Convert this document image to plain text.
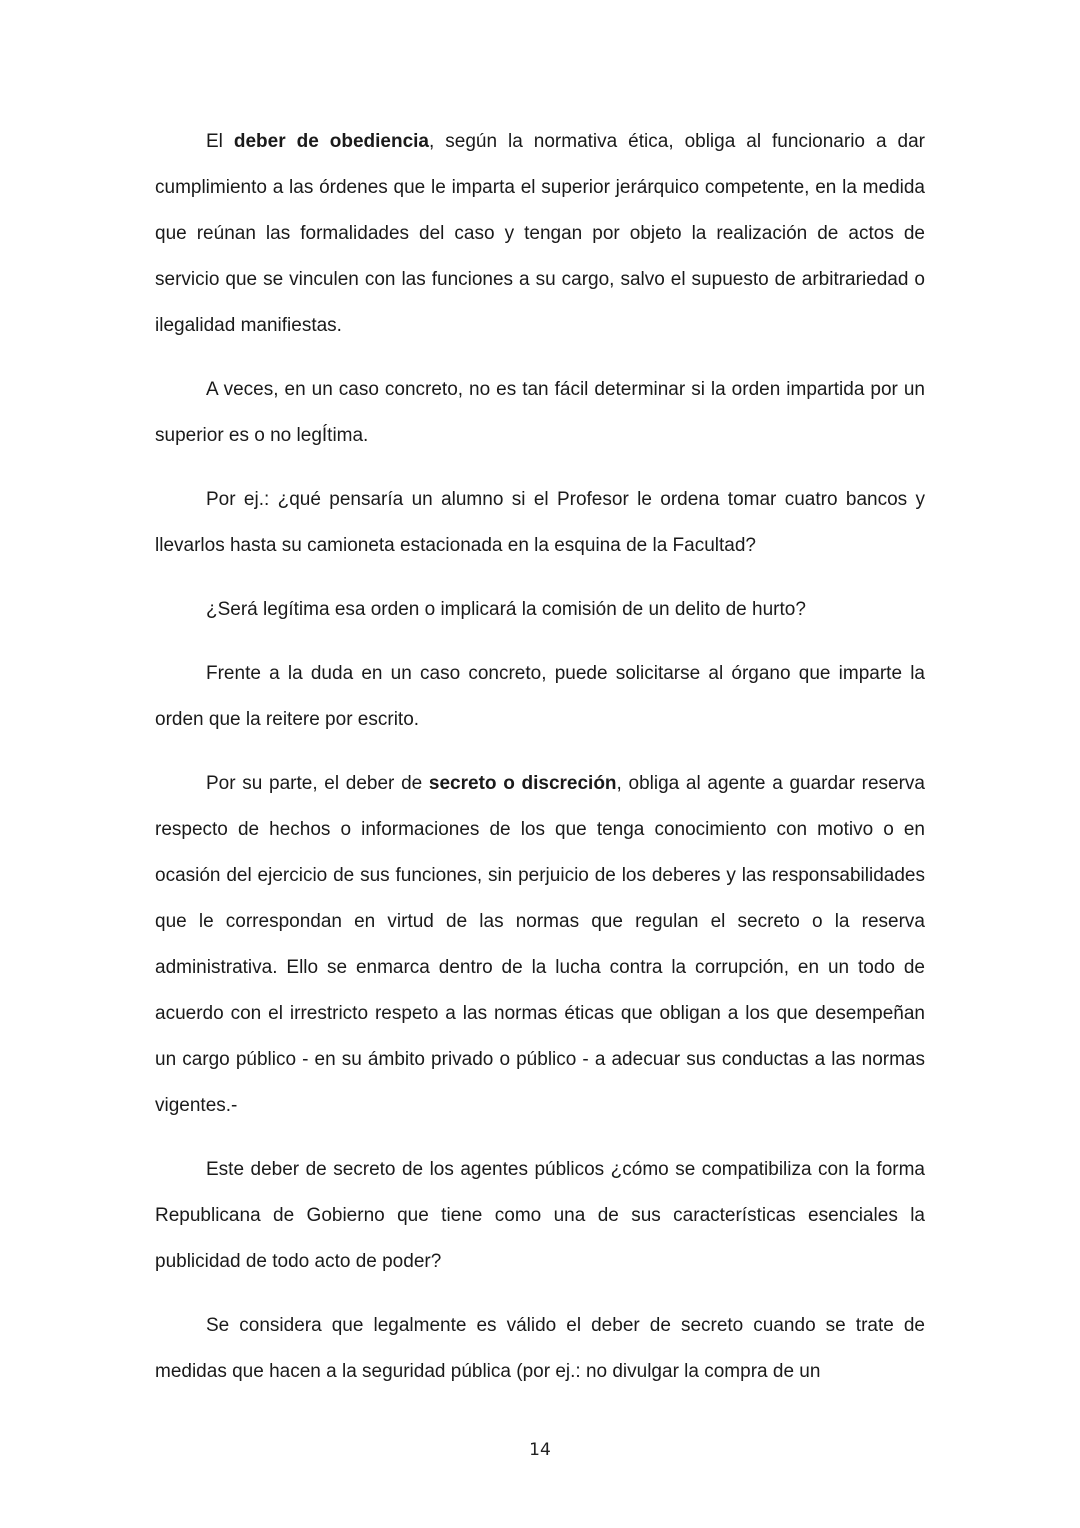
El deber de obediencia, según la normativa ética, obliga al funcionario a dar cumplimiento a las órdenes que le imparta el superior jerárquico competente, en la medida que reúnan las formalidades del caso y tengan por objeto la realización de actos de servicio que se vinculen con las funciones a su cargo, salvo el supuesto de arbitrariedad o ilegalidad manifiestas.

A veces, en un caso concreto, no es tan fácil determinar si la orden impartida por un superior es o no legÍtima.

Por ej.: ¿qué pensaría un alumno si el Profesor le ordena tomar cuatro bancos y llevarlos hasta su camioneta estacionada en la esquina de la Facultad?

¿Será legítima esa orden o implicará la comisión de un delito de hurto?

Frente a la duda en un caso concreto, puede solicitarse al órgano que imparte la orden que la reitere por escrito.

Por su parte, el deber de secreto o discreción, obliga al agente a guardar reserva respecto de hechos o informaciones de los que tenga conocimiento con motivo o en ocasión del ejercicio de sus funciones, sin perjuicio de los deberes y las responsabilidades que le correspondan en virtud de las normas que regulan el secreto o la reserva administrativa. Ello se enmarca dentro de la lucha contra la corrupción, en un todo de acuerdo con el irrestricto respeto a las normas éticas que obligan a los que desempeñan un cargo público - en su ámbito privado o público - a adecuar sus conductas a las normas vigentes.-

Este deber de secreto de los agentes públicos ¿cómo se compatibiliza con la forma Republicana de Gobierno que tiene como una de sus características esenciales la publicidad de todo acto de poder?

Se considera que legalmente es válido el deber de secreto cuando se trate de medidas que hacen a la seguridad pública (por ej.: no divulgar la compra de un

14
